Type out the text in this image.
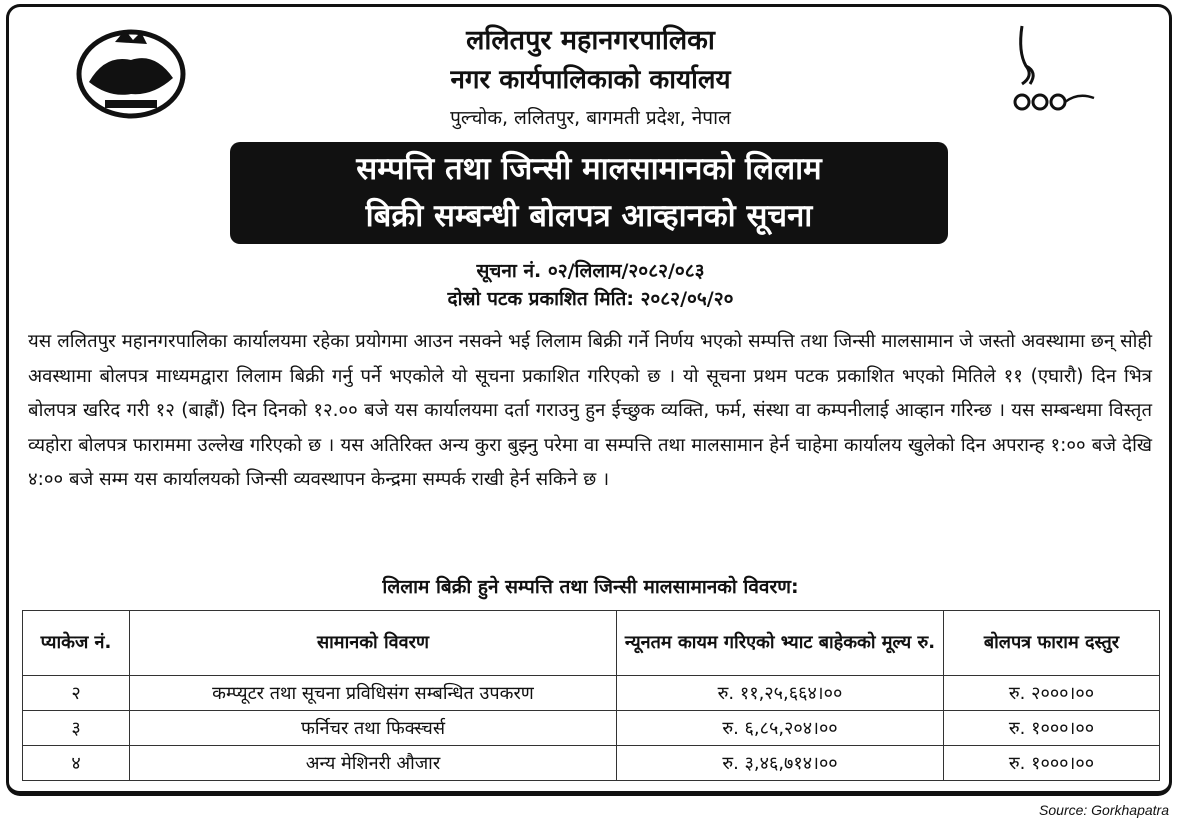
ललितपुर महानगरपालिका
नगर कार्यपालिकाको कार्यालय
पुल्चोक, ललितपुर, बागमती प्रदेश, नेपाल
सम्पत्ति तथा जिन्सी मालसामानको लिलाम
बिक्री सम्बन्धी बोलपत्र आव्हानको सूचना
सूचना नं. ०२/लिलाम/२०८२/०८३
दोस्रो पटक प्रकाशित मिति: २०८२/०५/२०
यस ललितपुर महानगरपालिका कार्यालयमा रहेका प्रयोगमा आउन नसक्ने भई लिलाम बिक्री गर्ने निर्णय भएको सम्पत्ति तथा जिन्सी मालसामान जे जस्तो अवस्थामा छन् सोही अवस्थामा बोलपत्र माध्यमद्वारा लिलाम बिक्री गर्नु पर्ने भएकोले यो सूचना प्रकाशित गरिएको छ । यो सूचना प्रथम पटक प्रकाशित भएको मितिले ११ (एघारौ) दिन भित्र बोलपत्र खरिद गरी १२ (बाह्रौं) दिन दिनको १२.०० बजे यस कार्यालयमा दर्ता गराउनु हुन ईच्छुक व्यक्ति, फर्म, संस्था वा कम्पनीलाई आव्हान गरिन्छ । यस सम्बन्धमा विस्तृत व्यहोरा बोलपत्र फाराममा उल्लेख गरिएको छ । यस अतिरिक्त अन्य कुरा बुझ्नु परेमा वा सम्पत्ति तथा मालसामान हेर्न चाहेमा कार्यालय खुलेको दिन अपरान्ह १:०० बजे देखि ४:०० बजे सम्म यस कार्यालयको जिन्सी व्यवस्थापन केन्द्रमा सम्पर्क राखी हेर्न सकिने छ ।
लिलाम बिक्री हुने सम्पत्ति तथा जिन्सी मालसामानको विवरण:
प्याकेज नं.	सामानको विवरण	न्यूनतम कायम गरिएको भ्याट बाहेकको मूल्य रु.	बोलपत्र फाराम दस्तुर
२	कम्प्यूटर तथा सूचना प्रविधिसंग सम्बन्धित उपकरण	रु. ११,२५,६६४।००	रु. २०००।००
३	फर्निचर तथा फिक्स्चर्स	रु. ६,८५,२०४।००	रु. १०००।००
४	अन्य मेशिनरी औजार	रु. ३,४६,७१४।००	रु. १०००।००
Source: Gorkhapatra
